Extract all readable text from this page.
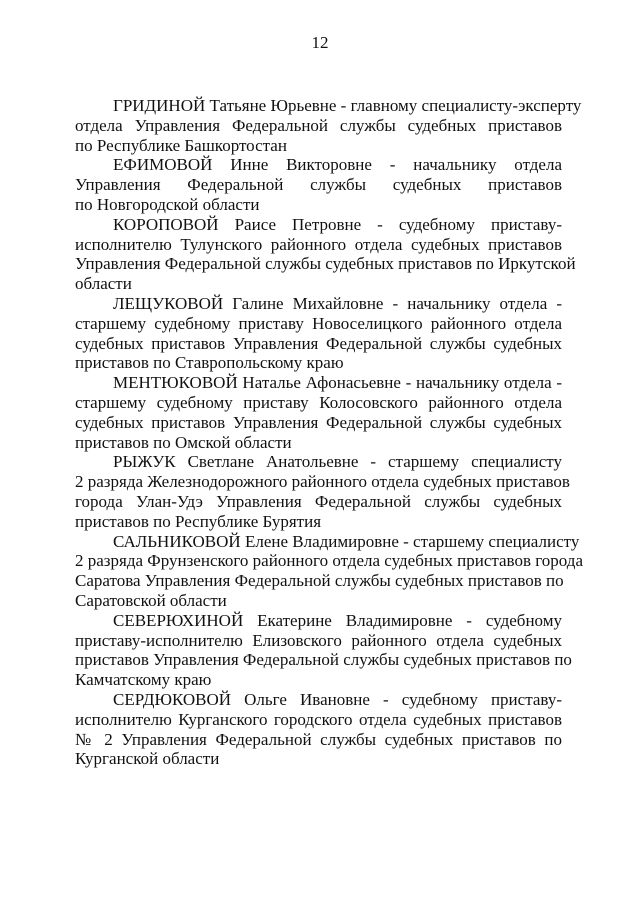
12
ГРИДИНОЙ Татьяне Юрьевне - главному специалисту-эксперту
отдела Управления Федеральной службы судебных приставов
по Республике Башкортостан
ЕФИМОВОЙ Инне Викторовне - начальнику отдела
Управления Федеральной службы судебных приставов
по Новгородской области
КОРОПОВОЙ Раисе Петровне - судебному приставу-
исполнителю Тулунского районного отдела судебных приставов
Управления Федеральной службы судебных приставов по Иркутской
области
ЛЕЩУКОВОЙ Галине Михайловне - начальнику отдела -
старшему судебному приставу Новоселицкого районного отдела
судебных приставов Управления Федеральной службы судебных
приставов по Ставропольскому краю
МЕНТЮКОВОЙ Наталье Афонасьевне - начальнику отдела -
старшему судебному приставу Колосовского районного отдела
судебных приставов Управления Федеральной службы судебных
приставов по Омской области
РЫЖУК Светлане Анатольевне - старшему специалисту
2 разряда Железнодорожного районного отдела судебных приставов
города Улан-Удэ Управления Федеральной службы судебных
приставов по Республике Бурятия
САЛЬНИКОВОЙ Елене Владимировне - старшему специалисту
2 разряда Фрунзенского районного отдела судебных приставов города
Саратова Управления Федеральной службы судебных приставов по
Саратовской области
СЕВЕРЮХИНОЙ Екатерине Владимировне - судебному
приставу-исполнителю Елизовского районного отдела судебных
приставов Управления Федеральной службы судебных приставов по
Камчатскому краю
СЕРДЮКОВОЙ Ольге Ивановне - судебному приставу-
исполнителю Курганского городского отдела судебных приставов
№ 2 Управления Федеральной службы судебных приставов по
Курганской области
